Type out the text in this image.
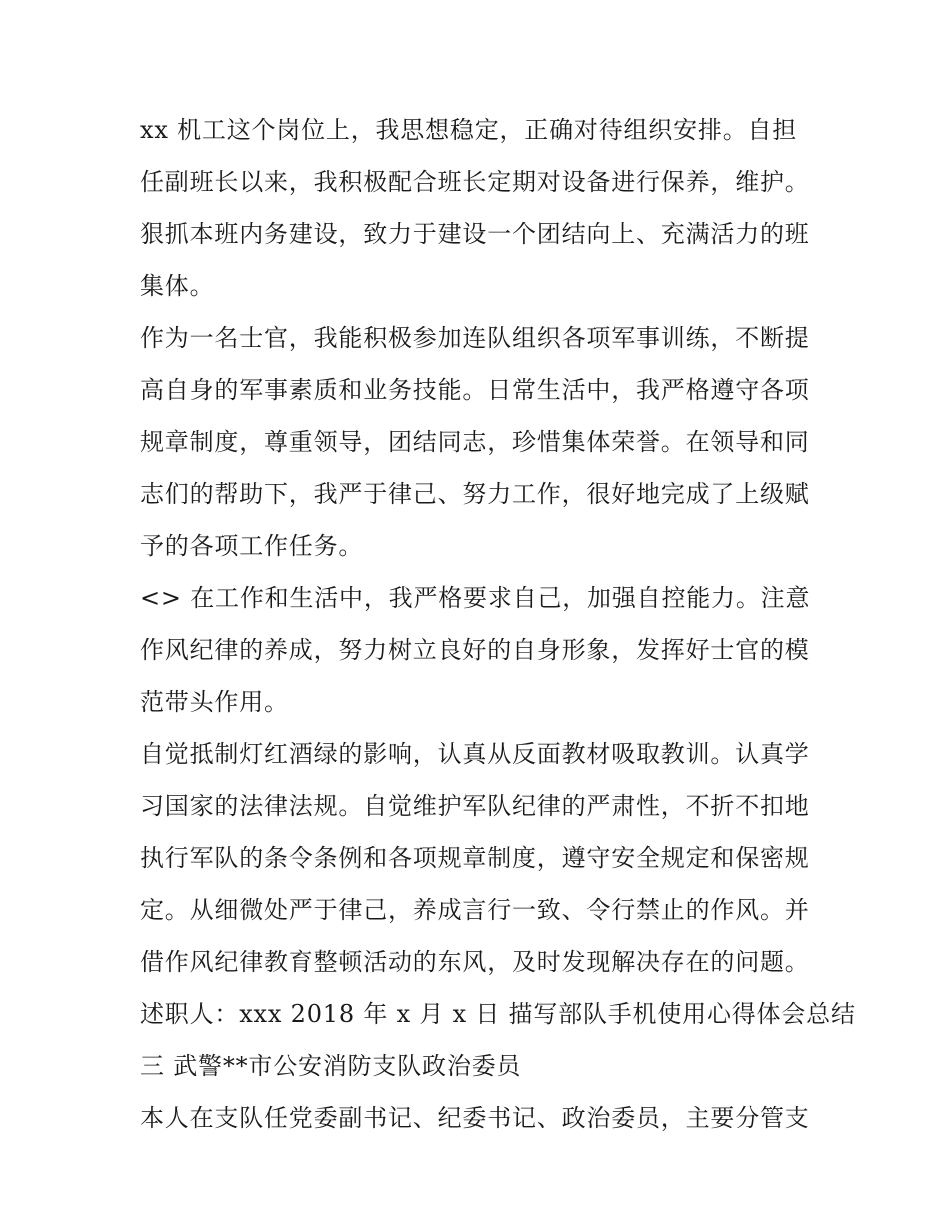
xx 机工这个岗位上，我思想稳定，正确对待组织安排。自担
任副班长以来，我积极配合班长定期对设备进行保养，维护。
狠抓本班内务建设，致力于建设一个团结向上、充满活力的班
集体。
作为一名士官，我能积极参加连队组织各项军事训练，不断提
高自身的军事素质和业务技能。日常生活中，我严格遵守各项
规章制度，尊重领导，团结同志，珍惜集体荣誉。在领导和同
志们的帮助下，我严于律己、努力工作，很好地完成了上级赋
予的各项工作任务。
<> 在工作和生活中，我严格要求自己，加强自控能力。注意
作风纪律的养成，努力树立良好的自身形象，发挥好士官的模
范带头作用。
自觉抵制灯红酒绿的影响，认真从反面教材吸取教训。认真学
习国家的法律法规。自觉维护军队纪律的严肃性，不折不扣地
执行军队的条令条例和各项规章制度，遵守安全规定和保密规
定。从细微处严于律己，养成言行一致、令行禁止的作风。并
借作风纪律教育整顿活动的东风，及时发现解决存在的问题。
述职人：xxx 2018 年 x 月 x 日 描写部队手机使用心得体会总结
三 武警**市公安消防支队政治委员
本人在支队任党委副书记、纪委书记、政治委员，主要分管支
